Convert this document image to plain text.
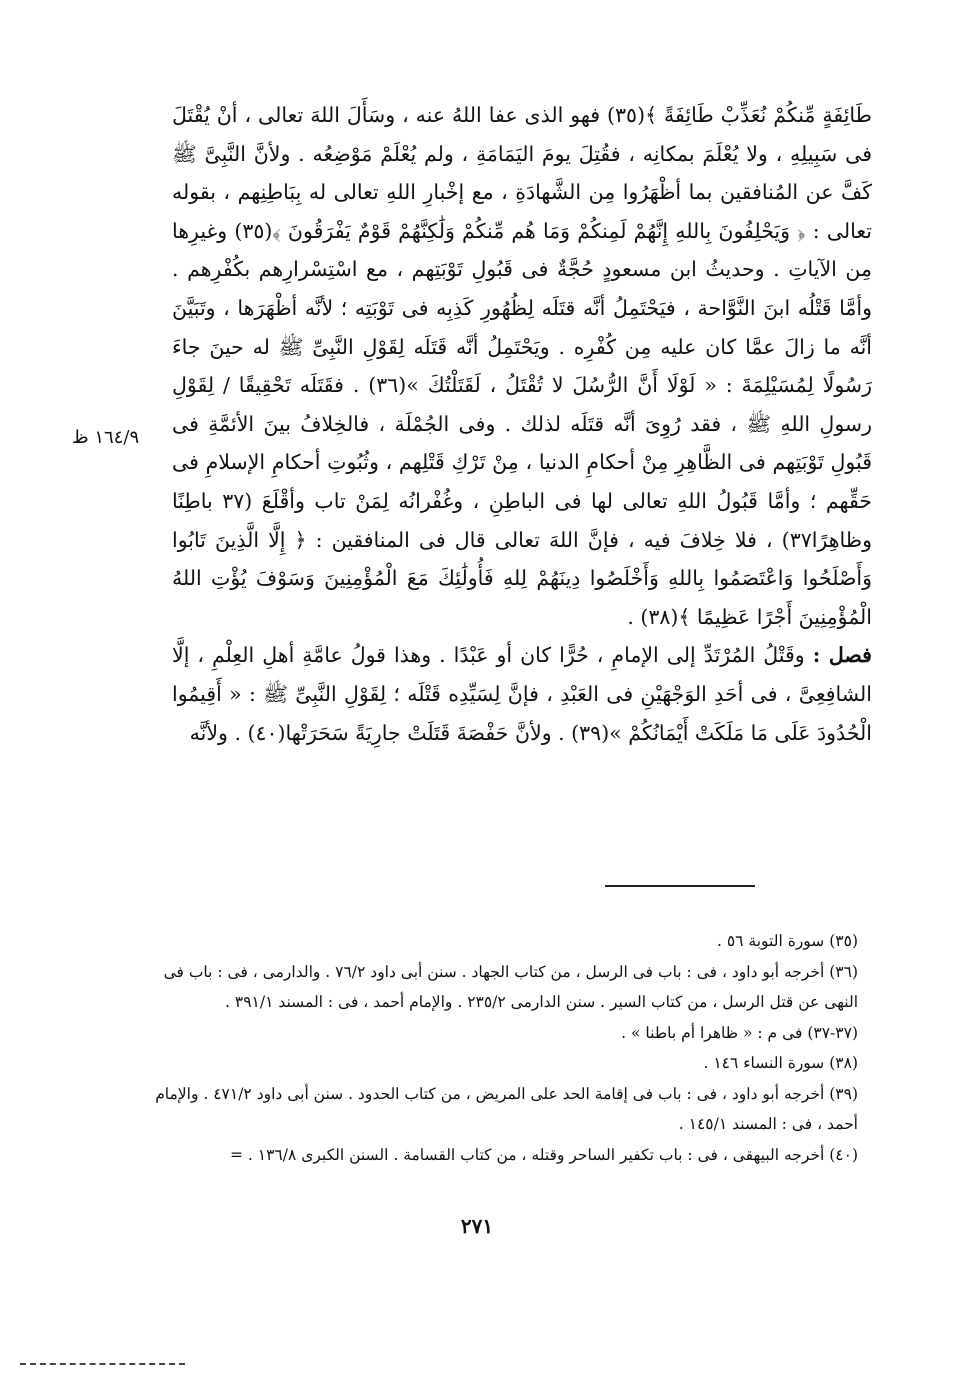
طَائِفَةٍ مِّنكُمْ نُعَذِّبْ طَائِفَةً ﴾(٣٥) فهو الذى عفا اللهُ عنه ، وسَأَلَ اللهَ تعالى ، أنْ يُقْتَلَ فى سَبِيلِهِ ، ولا يُعْلَمَ بمكانِه ، فقُتِلَ يومَ اليَمَامَةِ ، ولم يُعْلَمْ مَوْضِعُه . ولأنَّ النَّبِىَّ ﷺ كَفَّ عن المُنافقين بما أظْهَرُوا مِن الشَّهادَةِ ، مع إخْبارِ اللهِ تعالى له بِبَاطِنِهم ، بقوله تعالى : ﴿ وَيَحْلِفُونَ بِاللهِ إِنَّهُمْ لَمِنكُمْ وَمَا هُم مِّنكُمْ وَلَٰكِنَّهُمْ قَوْمٌ يَفْرَقُونَ ﴾(٣٥) وغيرِها مِن الآياتِ . وحديثُ ابن مسعودٍ حُجَّةٌ فى قَبُولِ تَوْبَتِهم ، مع اسْتِسْرارِهم بكُفْرِهم . وأمَّا قَتْلُه ابنَ النَّوَّاحة ، فيَحْتَمِلُ أنَّه قتَلَه لِظُهُورِ كَذِبِه فى تَوْبَتِه ؛ لأنَّه أظْهَرَها ، وتَبَيَّنَ أنَّه ما زالَ عمَّا كان عليه مِن كُفْرِه . ويَحْتَمِلُ أنَّه قَتَلَه لِقَوْلِ النَّبِىِّ ﷺ له حينَ جاءَ رَسُولًا لِمُسَيْلِمَةَ : « لَوْلَا أَنَّ الرُّسُلَ لا تُقْتَلُ ، لَقَتَلْتُكَ »(٣٦) . فقَتَلَه تَحْقِيقًا / لِقَوْلِ رسولِ اللهِ ﷺ ، فقد رُوِىَ أنَّه قتَلَه لذلك . وفى الجُمْلَة ، فالخِلافُ بينَ الأئمَّةِ فى قَبُولِ تَوْبَتِهم فى الظَّاهِرِ مِنْ أحكامِ الدنيا ، مِنْ تَرْكِ قَتْلِهم ، وثُبُوتِ أحكامِ الإسلامِ فى حَقِّهم ؛ وأمَّا قَبُولُ اللهِ تعالى لها فى الباطِنِ ، وغُفْرانُه لِمَنْ تاب وأقْلَعَ (٣٧ باطِنًا وظاهِرًا٣٧) ، فلا خِلافَ فيه ، فإنَّ اللهَ تعالى قال فى المنافقين : ﴿ إِلَّا الَّذِينَ تَابُوا وَأَصْلَحُوا وَاعْتَصَمُوا بِاللهِ وَأَخْلَصُوا دِينَهُمْ لِلهِ فَأُولَٰئِكَ مَعَ الْمُؤْمِنِينَ وَسَوْفَ يُؤْتِ اللهُ الْمُؤْمِنِينَ أَجْرًا عَظِيمًا ﴾(٣٨) .

فصل : وقَتْلُ المُرْتَدِّ إلى الإمامِ ، حُرًّا كان أو عَبْدًا . وهذا قولُ عامَّةِ أهلِ العِلْمِ ، إلَّا الشافِعِىَّ ، فى أحَدِ الوَجْهَيْنِ فى العَبْدِ ، فإنَّ لِسَيِّدِه قَتْلَه ؛ لِقَوْلِ النَّبِىِّ ﷺ : « أَقِيمُوا الْحُدُودَ عَلَى مَا مَلَكَتْ أَيْمَانُكُمْ »(٣٩) . ولأنَّ حَفْصَةَ قَتَلَتْ جارِيَةً سَحَرَتْها(٤٠) . ولأنَّه

١٦٤/٩ ظ

(٣٥) سورة التوبة ٥٦ .

(٣٦) أخرجه أبو داود ، فى : باب فى الرسل ، من كتاب الجهاد . سنن أبى داود ٧٦/٢ . والدارمى ، فى : باب فى النهى عن قتل الرسل ، من كتاب السير . سنن الدارمى ٢٣٥/٢ . والإمام أحمد ، فى : المسند ٣٩١/١ .

(٣٧-٣٧) فى م : « ظاهرا أم باطنا » .

(٣٨) سورة النساء ١٤٦ .

(٣٩) أخرجه أبو داود ، فى : باب فى إقامة الحد على المريض ، من كتاب الحدود . سنن أبى داود ٤٧١/٢ . والإمام أحمد ، فى : المسند ١٤٥/١ .

(٤٠) أخرجه البيهقى ، فى : باب تكفير الساحر وقتله ، من كتاب القسامة . السنن الكبرى ١٣٦/٨ . =

٢٧١
